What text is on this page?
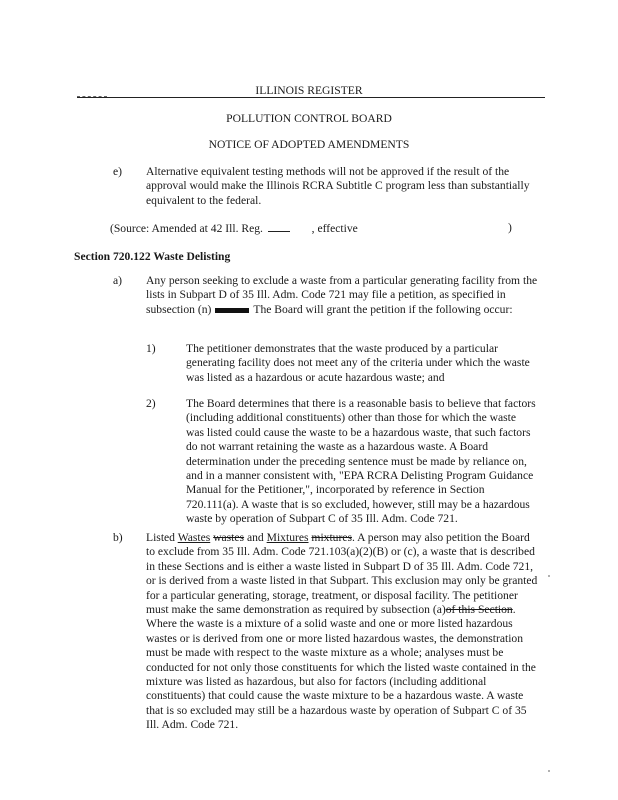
ILLINOIS REGISTER
POLLUTION CONTROL BOARD
NOTICE OF ADOPTED AMENDMENTS
e) Alternative equivalent testing methods will not be approved if the result of the approval would make the Illinois RCRA Subtitle C program less than substantially equivalent to the federal.
(Source: Amended at 42 Ill. Reg.	, effective	)
Section 720.122 Waste Delisting
a) Any person seeking to exclude a waste from a particular generating facility from the lists in Subpart D of 35 Ill. Adm. Code 721 may file a petition, as specified in subsection (n)	The Board will grant the petition if the following occur:
1)	The petitioner demonstrates that the waste produced by a particular generating facility does not meet any of the criteria under which the waste was listed as a hazardous or acute hazardous waste; and
2)	The Board determines that there is a reasonable basis to believe that factors (including additional constituents) other than those for which the waste was listed could cause the waste to be a hazardous waste, that such factors do not warrant retaining the waste as a hazardous waste. A Board determination under the preceding sentence must be made by reliance on, and in a manner consistent with, "EPA RCRA Delisting Program Guidance Manual for the Petitioner,", incorporated by reference in Section 720.111(a). A waste that is so excluded, however, still may be a hazardous waste by operation of Subpart C of 35 Ill. Adm. Code 721.
b) Listed Wastes wastes and Mixtures mixtures. A person may also petition the Board to exclude from 35 Ill. Adm. Code 721.103(a)(2)(B) or (c), a waste that is described in these Sections and is either a waste listed in Subpart D of 35 Ill. Adm. Code 721, or is derived from a waste listed in that Subpart. This exclusion may only be granted for a particular generating, storage, treatment, or disposal facility. The petitioner must make the same demonstration as required by subsection (a)of this Section. Where the waste is a mixture of a solid waste and one or more listed hazardous wastes or is derived from one or more listed hazardous wastes, the demonstration must be made with respect to the waste mixture as a whole; analyses must be conducted for not only those constituents for which the listed waste contained in the mixture was listed as hazardous, but also for factors (including additional constituents) that could cause the waste mixture to be a hazardous waste. A waste that is so excluded may still be a hazardous waste by operation of Subpart C of 35 Ill. Adm. Code 721.
